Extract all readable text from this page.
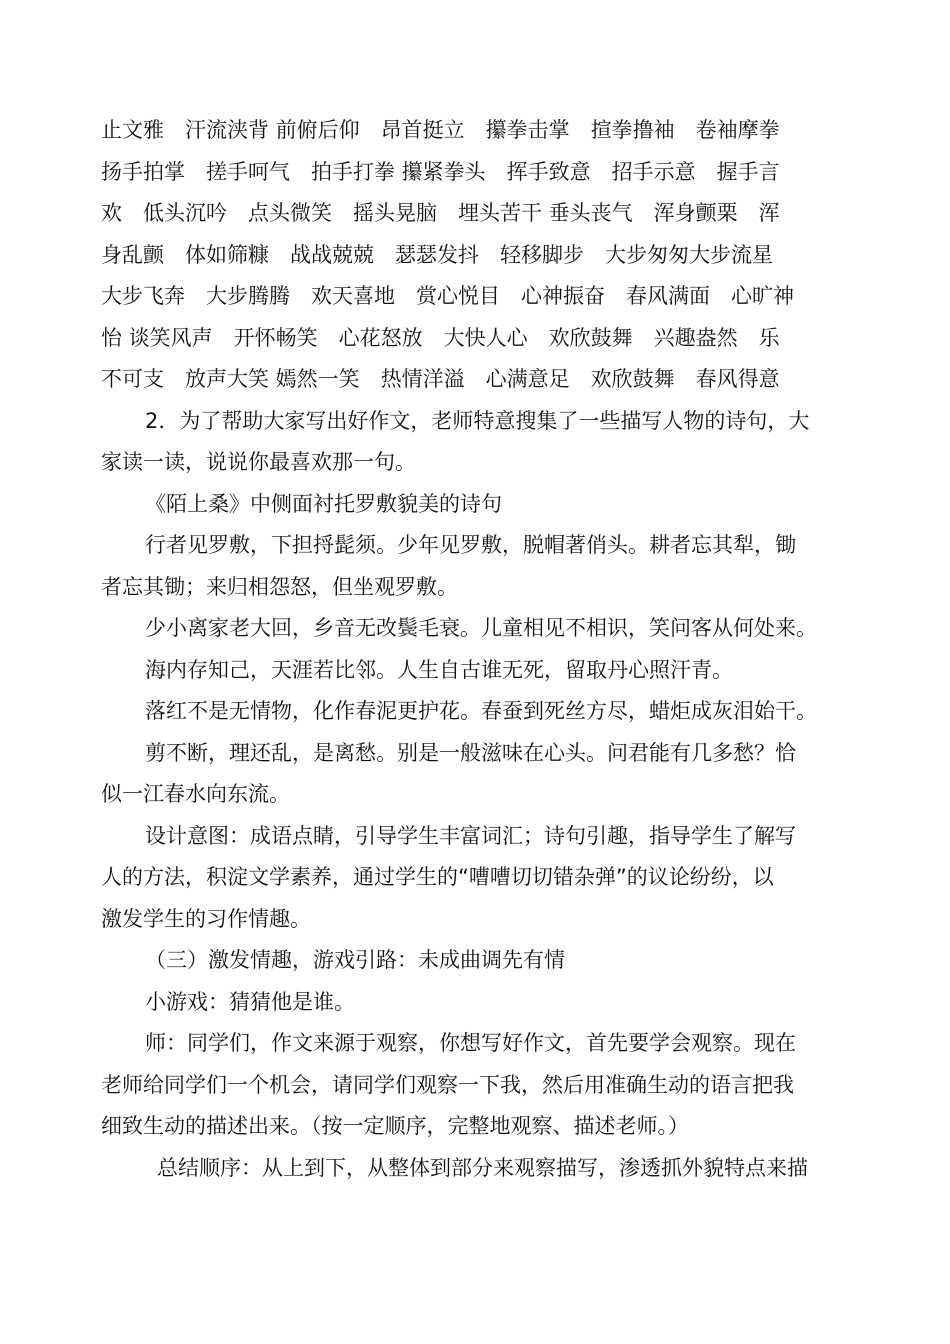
止文雅　汗流浃背 前俯后仰　昂首挺立　攥拳击掌　揎拳撸袖　卷袖摩拳
扬手拍掌　搓手呵气　拍手打拳 攥紧拳头　挥手致意　招手示意　握手言
欢　低头沉吟　点头微笑　摇头晃脑　埋头苦干 垂头丧气　浑身颤栗　浑
身乱颤　体如筛糠　战战兢兢　瑟瑟发抖　轻移脚步　大步匆匆大步流星
大步飞奔　大步腾腾　欢天喜地　赏心悦目　心神振奋　春风满面　心旷神
怡 谈笑风声　开怀畅笑　心花怒放　大快人心　欢欣鼓舞　兴趣盎然　乐
不可支　放声大笑 嫣然一笑　热情洋溢　心满意足　欢欣鼓舞　春风得意
2．为了帮助大家写出好作文，老师特意搜集了一些描写人物的诗句，大
家读一读，说说你最喜欢那一句。
《陌上桑》中侧面衬托罗敷貌美的诗句
行者见罗敷，下担捋髭须。少年见罗敷，脱帽著俏头。耕者忘其犁，锄
者忘其锄；来归相怨怒，但坐观罗敷。
少小离家老大回，乡音无改鬓毛衰。儿童相见不相识，笑问客从何处来。
海内存知己，天涯若比邻。人生自古谁无死，留取丹心照汗青。
落红不是无情物，化作春泥更护花。春蚕到死丝方尽，蜡炬成灰泪始干。
剪不断，理还乱，是离愁。别是一般滋味在心头。问君能有几多愁？恰
似一江春水向东流。
设计意图：成语点睛，引导学生丰富词汇；诗句引趣，指导学生了解写
人的方法，积淀文学素养，通过学生的“嘈嘈切切错杂弹”的议论纷纷，以
激发学生的习作情趣。
（三）激发情趣，游戏引路：未成曲调先有情
小游戏：猜猜他是谁。
师：同学们，作文来源于观察，你想写好作文，首先要学会观察。现在
老师给同学们一个机会，请同学们观察一下我，然后用准确生动的语言把我
细致生动的描述出来。（按一定顺序，完整地观察、描述老师。）
总结顺序：从上到下，从整体到部分来观察描写，渗透抓外貌特点来描
